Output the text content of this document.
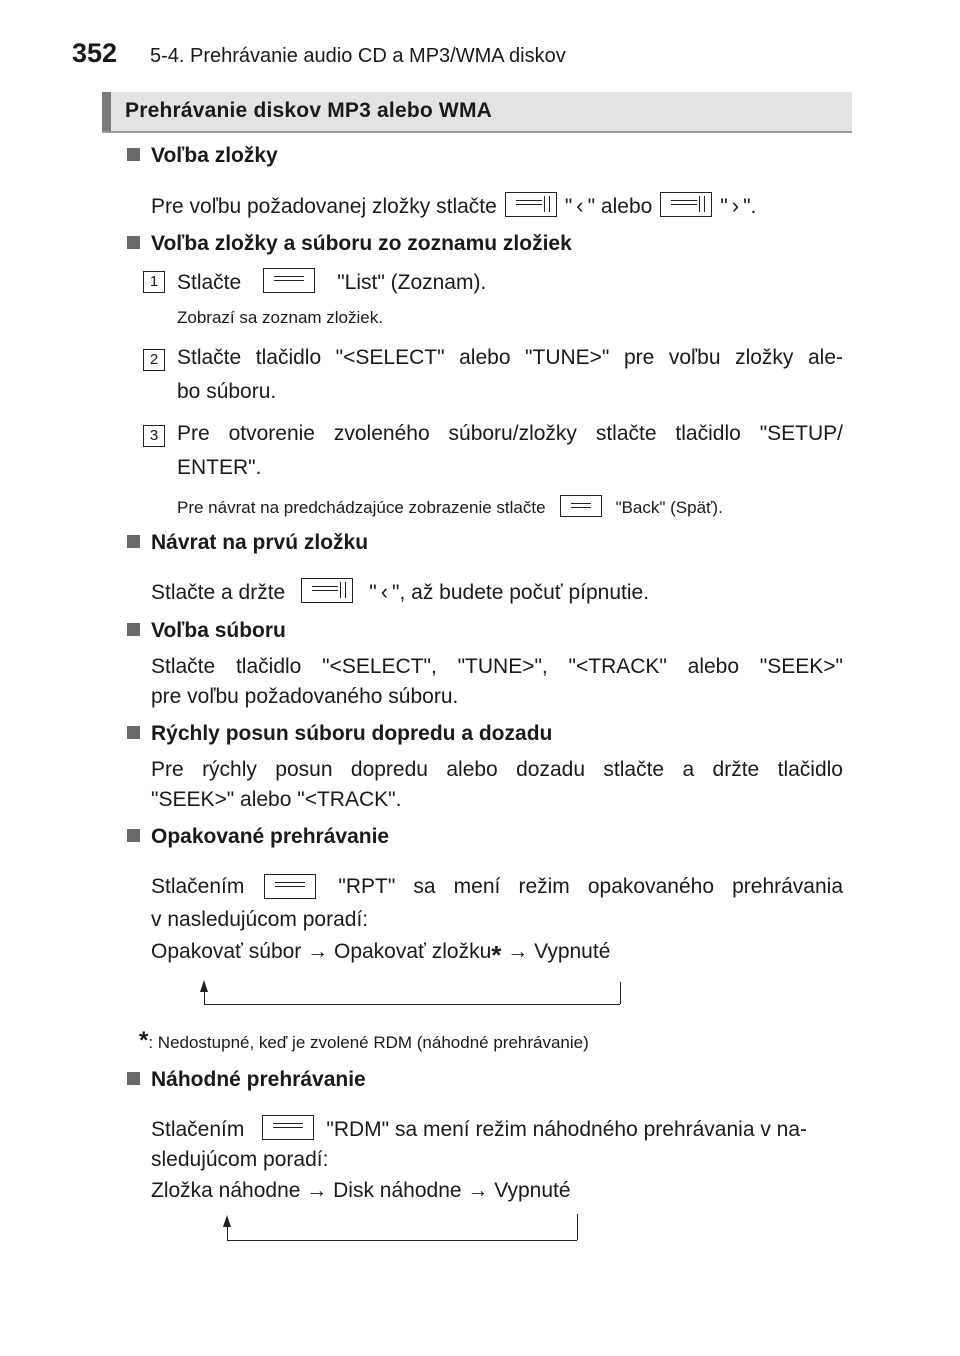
352 5-4. Prehrávanie audio CD a MP3/WMA diskov
Prehrávanie diskov MP3 alebo WMA
Voľba zložky
Pre voľbu požadovanej zložky stlačte	" ‹ " alebo	" › ".
Voľba zložky a súboru zo zoznamu zložiek
1 Stlačte	"List" (Zoznam).
Zobrazí sa zoznam zložiek.
2 Stlačte tlačidlo "<SELECT" alebo "TUNE>" pre voľbu zložky ale-
bo súboru.
3 Pre otvorenie zvoleného súboru/zložky stlačte tlačidlo "SETUP/
ENTER".
Pre návrat na predchádzajúce zobrazenie stlačte	"Back" (Späť).
Návrat na prvú zložku
Stlačte a držte	" ‹ ", až budete počuť pípnutie.
Voľba súboru
Stlačte tlačidlo "<SELECT", "TUNE>", "<TRACK" alebo "SEEK>"
pre voľbu požadovaného súboru.
Rýchly posun súboru dopredu a dozadu
Pre rýchly posun dopredu alebo dozadu stlačte a držte tlačidlo
"SEEK>" alebo "<TRACK".
Opakované prehrávanie
Stlačením	"RPT" sa mení režim opakovaného prehrávania
v nasledujúcom poradí:
Opakovať súbor → Opakovať zložku* → Vypnuté
*: Nedostupné, keď je zvolené RDM (náhodné prehrávanie)
Náhodné prehrávanie
Stlačením	"RDM" sa mení režim náhodného prehrávania v na-
sledujúcom poradí:
Zložka náhodne → Disk náhodne → Vypnuté
